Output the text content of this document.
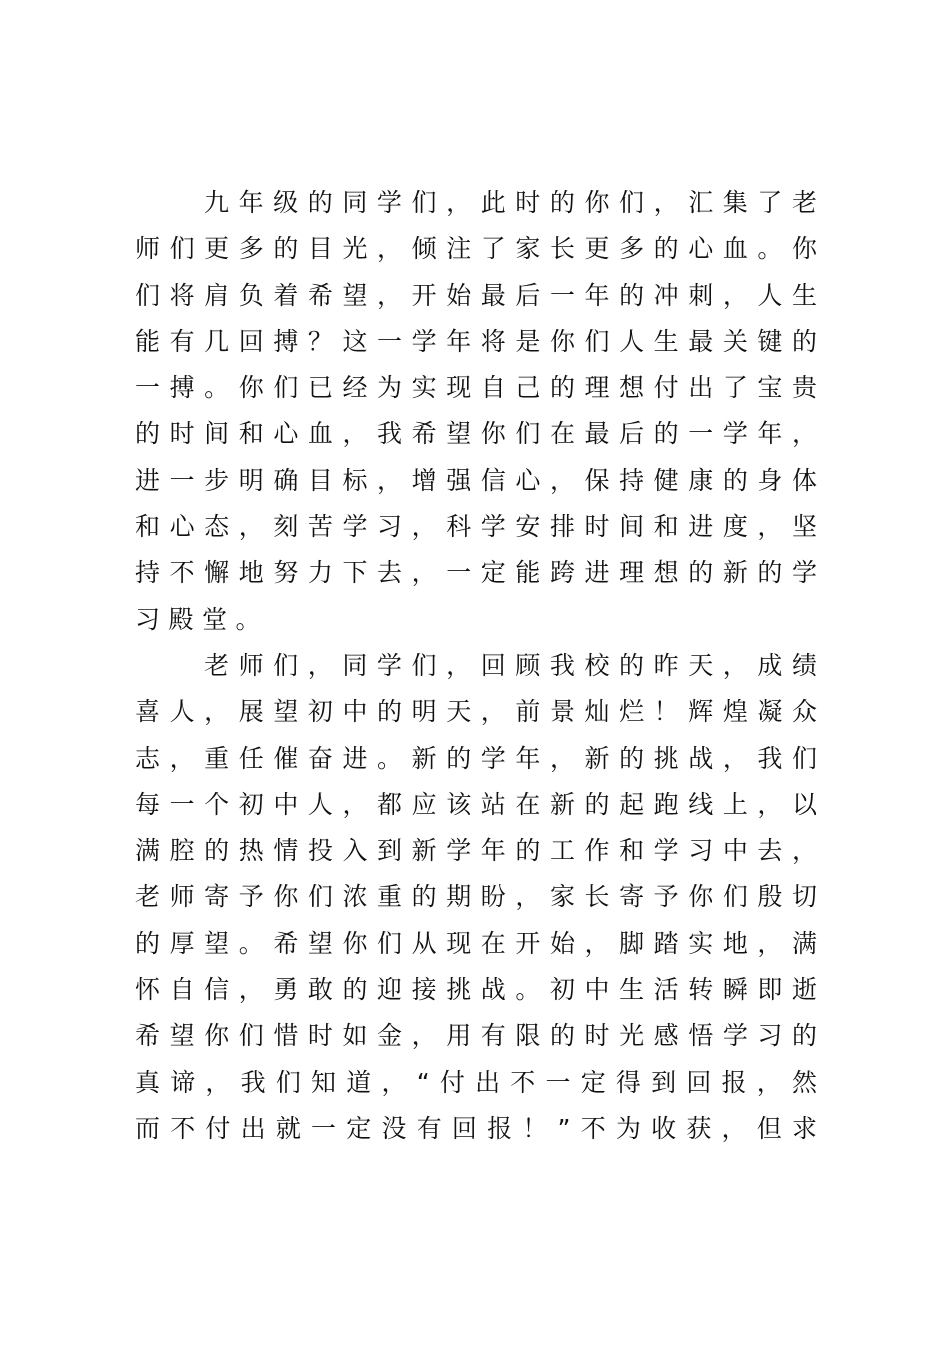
九年级的同学们，此时的你们，汇集了老
师们更多的目光，倾注了家长更多的心血。你
们将肩负着希望，开始最后一年的冲刺，人生
能有几回搏？这一学年将是你们人生最关键的
一搏。你们已经为实现自己的理想付出了宝贵
的时间和心血，我希望你们在最后的一学年，
进一步明确目标，增强信心，保持健康的身体
和心态，刻苦学习，科学安排时间和进度，坚
持不懈地努力下去，一定能跨进理想的新的学
习殿堂。
老师们，同学们，回顾我校的昨天，成绩
喜人，展望初中的明天，前景灿烂！辉煌凝众
志，重任催奋进。新的学年，新的挑战，我们
每一个初中人，都应该站在新的起跑线上，以
满腔的热情投入到新学年的工作和学习中去，
老师寄予你们浓重的期盼，家长寄予你们殷切
的厚望。希望你们从现在开始，脚踏实地，满
怀自信，勇敢的迎接挑战。初中生活转瞬即逝
希望你们惜时如金，用有限的时光感悟学习的
真谛，我们知道，“付出不一定得到回报，然
而不付出就一定没有回报！”不为收获，但求
